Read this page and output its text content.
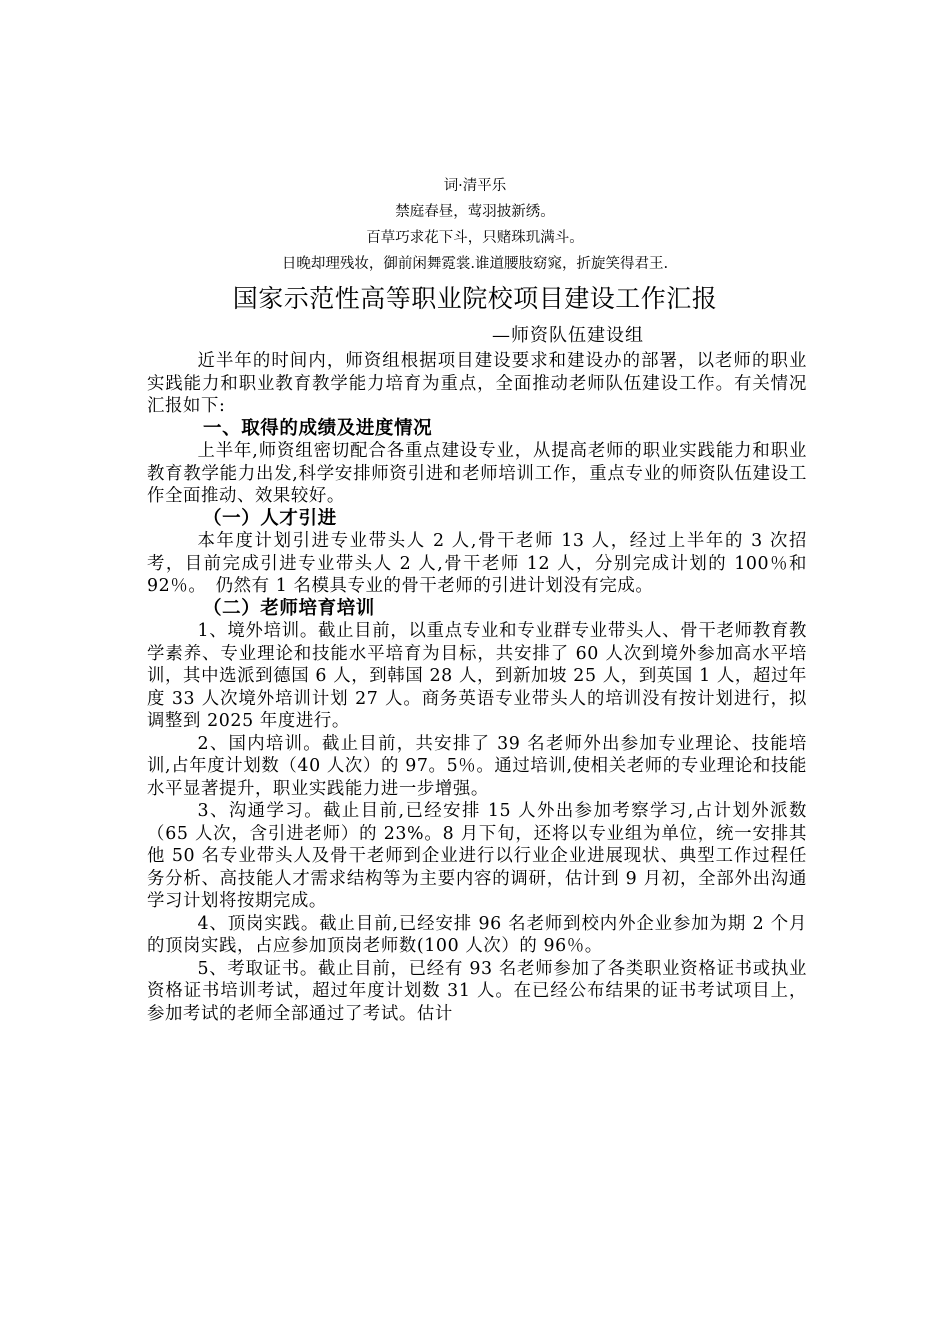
词·清平乐
禁庭春昼，莺羽披新绣。
百草巧求花下斗，只赌珠玑满斗。
日晚却理残妆，御前闲舞霓裳.谁道腰肢窈窕，折旋笑得君王.
国家示范性高等职业院校项目建设工作汇报
—师资队伍建设组

近半年的时间内，师资组根据项目建设要求和建设办的部署，以老师的职业实践能力和职业教育教学能力培育为重点，全面推动老师队伍建设工作。有关情况汇报如下:

一、取得的成绩及进度情况

上半年,师资组密切配合各重点建设专业，从提高老师的职业实践能力和职业教育教学能力出发,科学安排师资引进和老师培训工作，重点专业的师资队伍建设工作全面推动、效果较好。

（一）人才引进

本年度计划引进专业带头人 2 人,骨干老师 13 人，经过上半年的 3 次招考，目前完成引进专业带头人 2 人,骨干老师 12 人，分别完成计划的 100％和 92％。　仍然有 1 名模具专业的骨干老师的引进计划没有完成。

（二）老师培育培训

1、境外培训。截止目前，以重点专业和专业群专业带头人、骨干老师教育教学素养、专业理论和技能水平培育为目标，共安排了 60 人次到境外参加高水平培训，其中选派到德国 6 人，到韩国 28 人，到新加坡 25 人，到英国 1 人，超过年度 33 人次境外培训计划 27 人。商务英语专业带头人的培训没有按计划进行，拟调整到 2025 年度进行。

2、国内培训。截止目前，共安排了 39 名老师外出参加专业理论、技能培训,占年度计划数（40 人次）的 97。5％。通过培训,使相关老师的专业理论和技能水平显著提升，职业实践能力进一步增强。

3、沟通学习。截止目前,已经安排 15 人外出参加考察学习,占计划外派数（65 人次，含引进老师）的 23%。8 月下旬，还将以专业组为单位，统一安排其他 50 名专业带头人及骨干老师到企业进行以行业企业进展现状、典型工作过程任务分析、高技能人才需求结构等为主要内容的调研，估计到 9 月初，全部外出沟通学习计划将按期完成。

4、顶岗实践。截止目前,已经安排 96 名老师到校内外企业参加为期 2 个月的顶岗实践，占应参加顶岗老师数(100 人次）的 96％。

5、考取证书。截止目前，已经有 93 名老师参加了各类职业资格证书或执业资格证书培训考试，超过年度计划数 31 人。在已经公布结果的证书考试项目上，参加考试的老师全部通过了考试。估计
